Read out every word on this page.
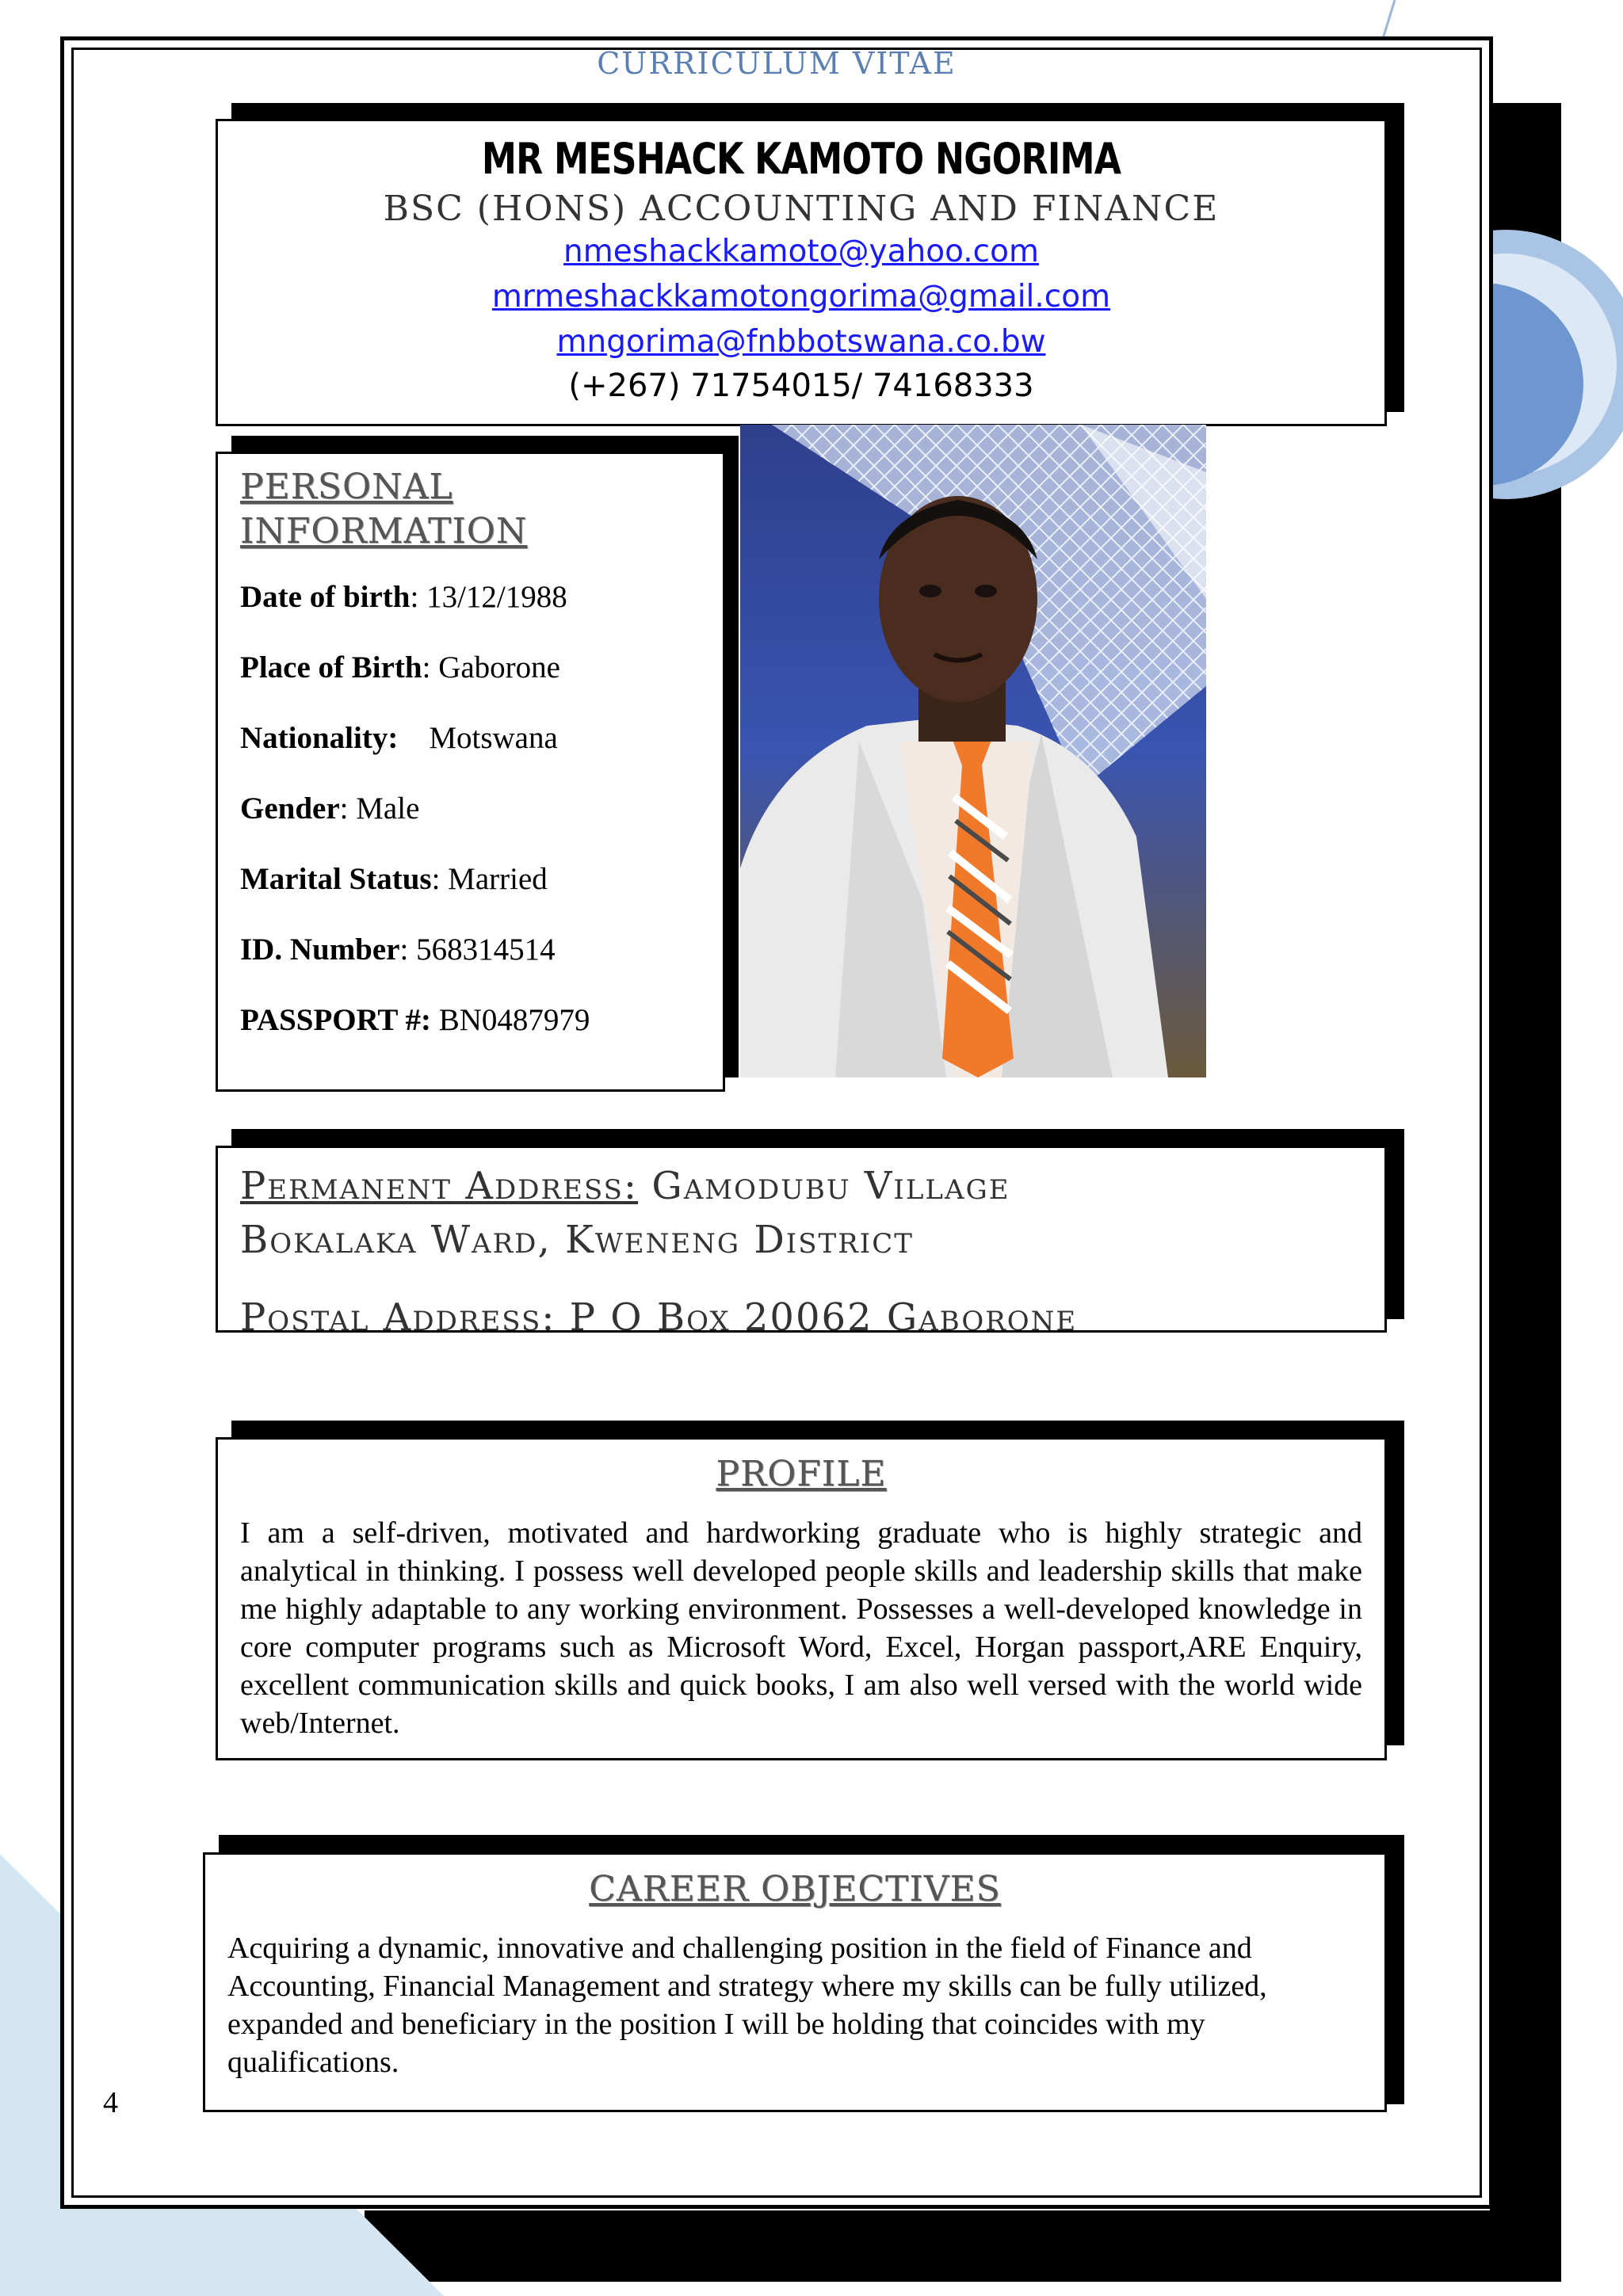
CURRICULUM VITAE
2015
MR MESHACK KAMOTO NGORIMA
BSC (HONS) ACCOUNTING AND FINANCE
nmeshackkamoto@yahoo.com
mrmeshackkamotongorima@gmail.com
mngorima@fnbbotswana.co.bw
(+267) 71754015/ 74168333
PERSONAL
INFORMATION
Date of birth: 13/12/1988
Place of Birth: Gaborone
Nationality: Motswana
Gender: Male
Marital Status: Married
ID. Number: 568314514
PASSPORT #: BN0487979
Permanent Address: Gamodubu Village
Bokalaka Ward, Kweneng District
Postal Address: P O Box 20062 Gaborone
PROFILE
I am a self-driven, motivated and hardworking graduate who is highly strategic and analytical in thinking. I possess well developed people skills and leadership skills that make me highly adaptable to any working environment. Possesses a well-developed knowledge in core computer programs such as Microsoft Word, Excel, Horgan passport,ARE Enquiry, excellent communication skills and quick books, I am also well versed with the world wide web/Internet.
CAREER OBJECTIVES
Acquiring a dynamic, innovative and challenging position in the field of Finance and Accounting, Financial Management and strategy where my skills can be fully utilized, expanded and beneficiary in the position I will be holding that coincides with my qualifications.
4
